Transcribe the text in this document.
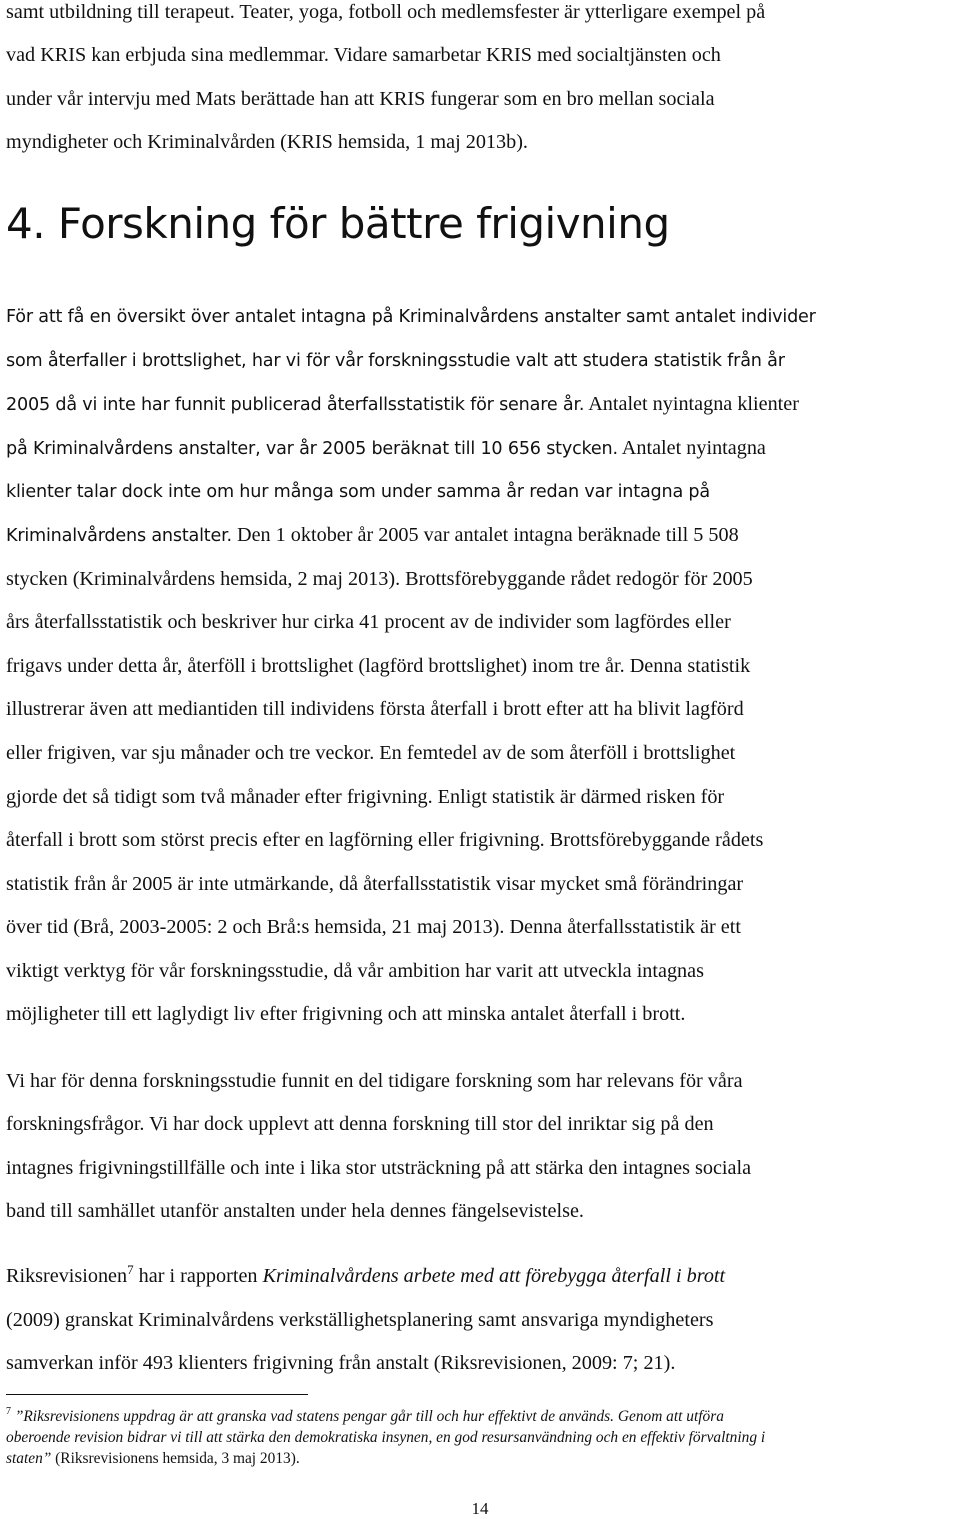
samt utbildning till terapeut. Teater, yoga, fotboll och medlemsfester är ytterligare exempel på
vad KRIS kan erbjuda sina medlemmar. Vidare samarbetar KRIS med socialtjänsten och
under vår intervju med Mats berättade han att KRIS fungerar som en bro mellan sociala
myndigheter och Kriminalvården (KRIS hemsida, 1 maj 2013b).
4. Forskning för bättre frigivning
För att få en översikt över antalet intagna på Kriminalvårdens anstalter samt antalet individer
som återfaller i brottslighet, har vi för vår forskningsstudie valt att studera statistik från år
2005 då vi inte har funnit publicerad återfallsstatistik för senare år. Antalet nyintagna klienter
på Kriminalvårdens anstalter, var år 2005 beräknat till 10 656 stycken. Antalet nyintagna
klienter talar dock inte om hur många som under samma år redan var intagna på
Kriminalvårdens anstalter. Den 1 oktober år 2005 var antalet intagna beräknade till 5 508
stycken (Kriminalvårdens hemsida, 2 maj 2013). Brottsförebyggande rådet redogör för 2005
års återfallsstatistik och beskriver hur cirka 41 procent av de individer som lagfördes eller
frigavs under detta år, återföll i brottslighet (lagförd brottslighet) inom tre år. Denna statistik
illustrerar även att mediantiden till individens första återfall i brott efter att ha blivit lagförd
eller frigiven, var sju månader och tre veckor. En femtedel av de som återföll i brottslighet
gjorde det så tidigt som två månader efter frigivning. Enligt statistik är därmed risken för
återfall i brott som störst precis efter en lagförning eller frigivning. Brottsförebyggande rådets
statistik från år 2005 är inte utmärkande, då återfallsstatistik visar mycket små förändringar
över tid (Brå, 2003-2005: 2 och Brå:s hemsida, 21 maj 2013). Denna återfallsstatistik är ett
viktigt verktyg för vår forskningsstudie, då vår ambition har varit att utveckla intagnas
möjligheter till ett laglydigt liv efter frigivning och att minska antalet återfall i brott.
Vi har för denna forskningsstudie funnit en del tidigare forskning som har relevans för våra
forskningsfrågor. Vi har dock upplevt att denna forskning till stor del inriktar sig på den
intagnes frigivningstillfälle och inte i lika stor utsträckning på att stärka den intagnes sociala
band till samhället utanför anstalten under hela dennes fängelsevistelse.
Riksrevisionen$^7$ har i rapporten Kriminalvårdens arbete med att förebygga återfall i brott
(2009) granskat Kriminalvårdens verkställighetsplanering samt ansvariga myndigheters
samverkan inför 493 klienters frigivning från anstalt (Riksrevisionen, 2009: 7; 21).
$^7$ ”Riksrevisionens uppdrag är att granska vad statens pengar går till och hur effektivt de används. Genom att utföra
oberoende revision bidrar vi till att stärka den demokratiska insynen, en god resursanvändning och en effektiv förvaltning i
staten” (Riksrevisionens hemsida, 3 maj 2013).
14
